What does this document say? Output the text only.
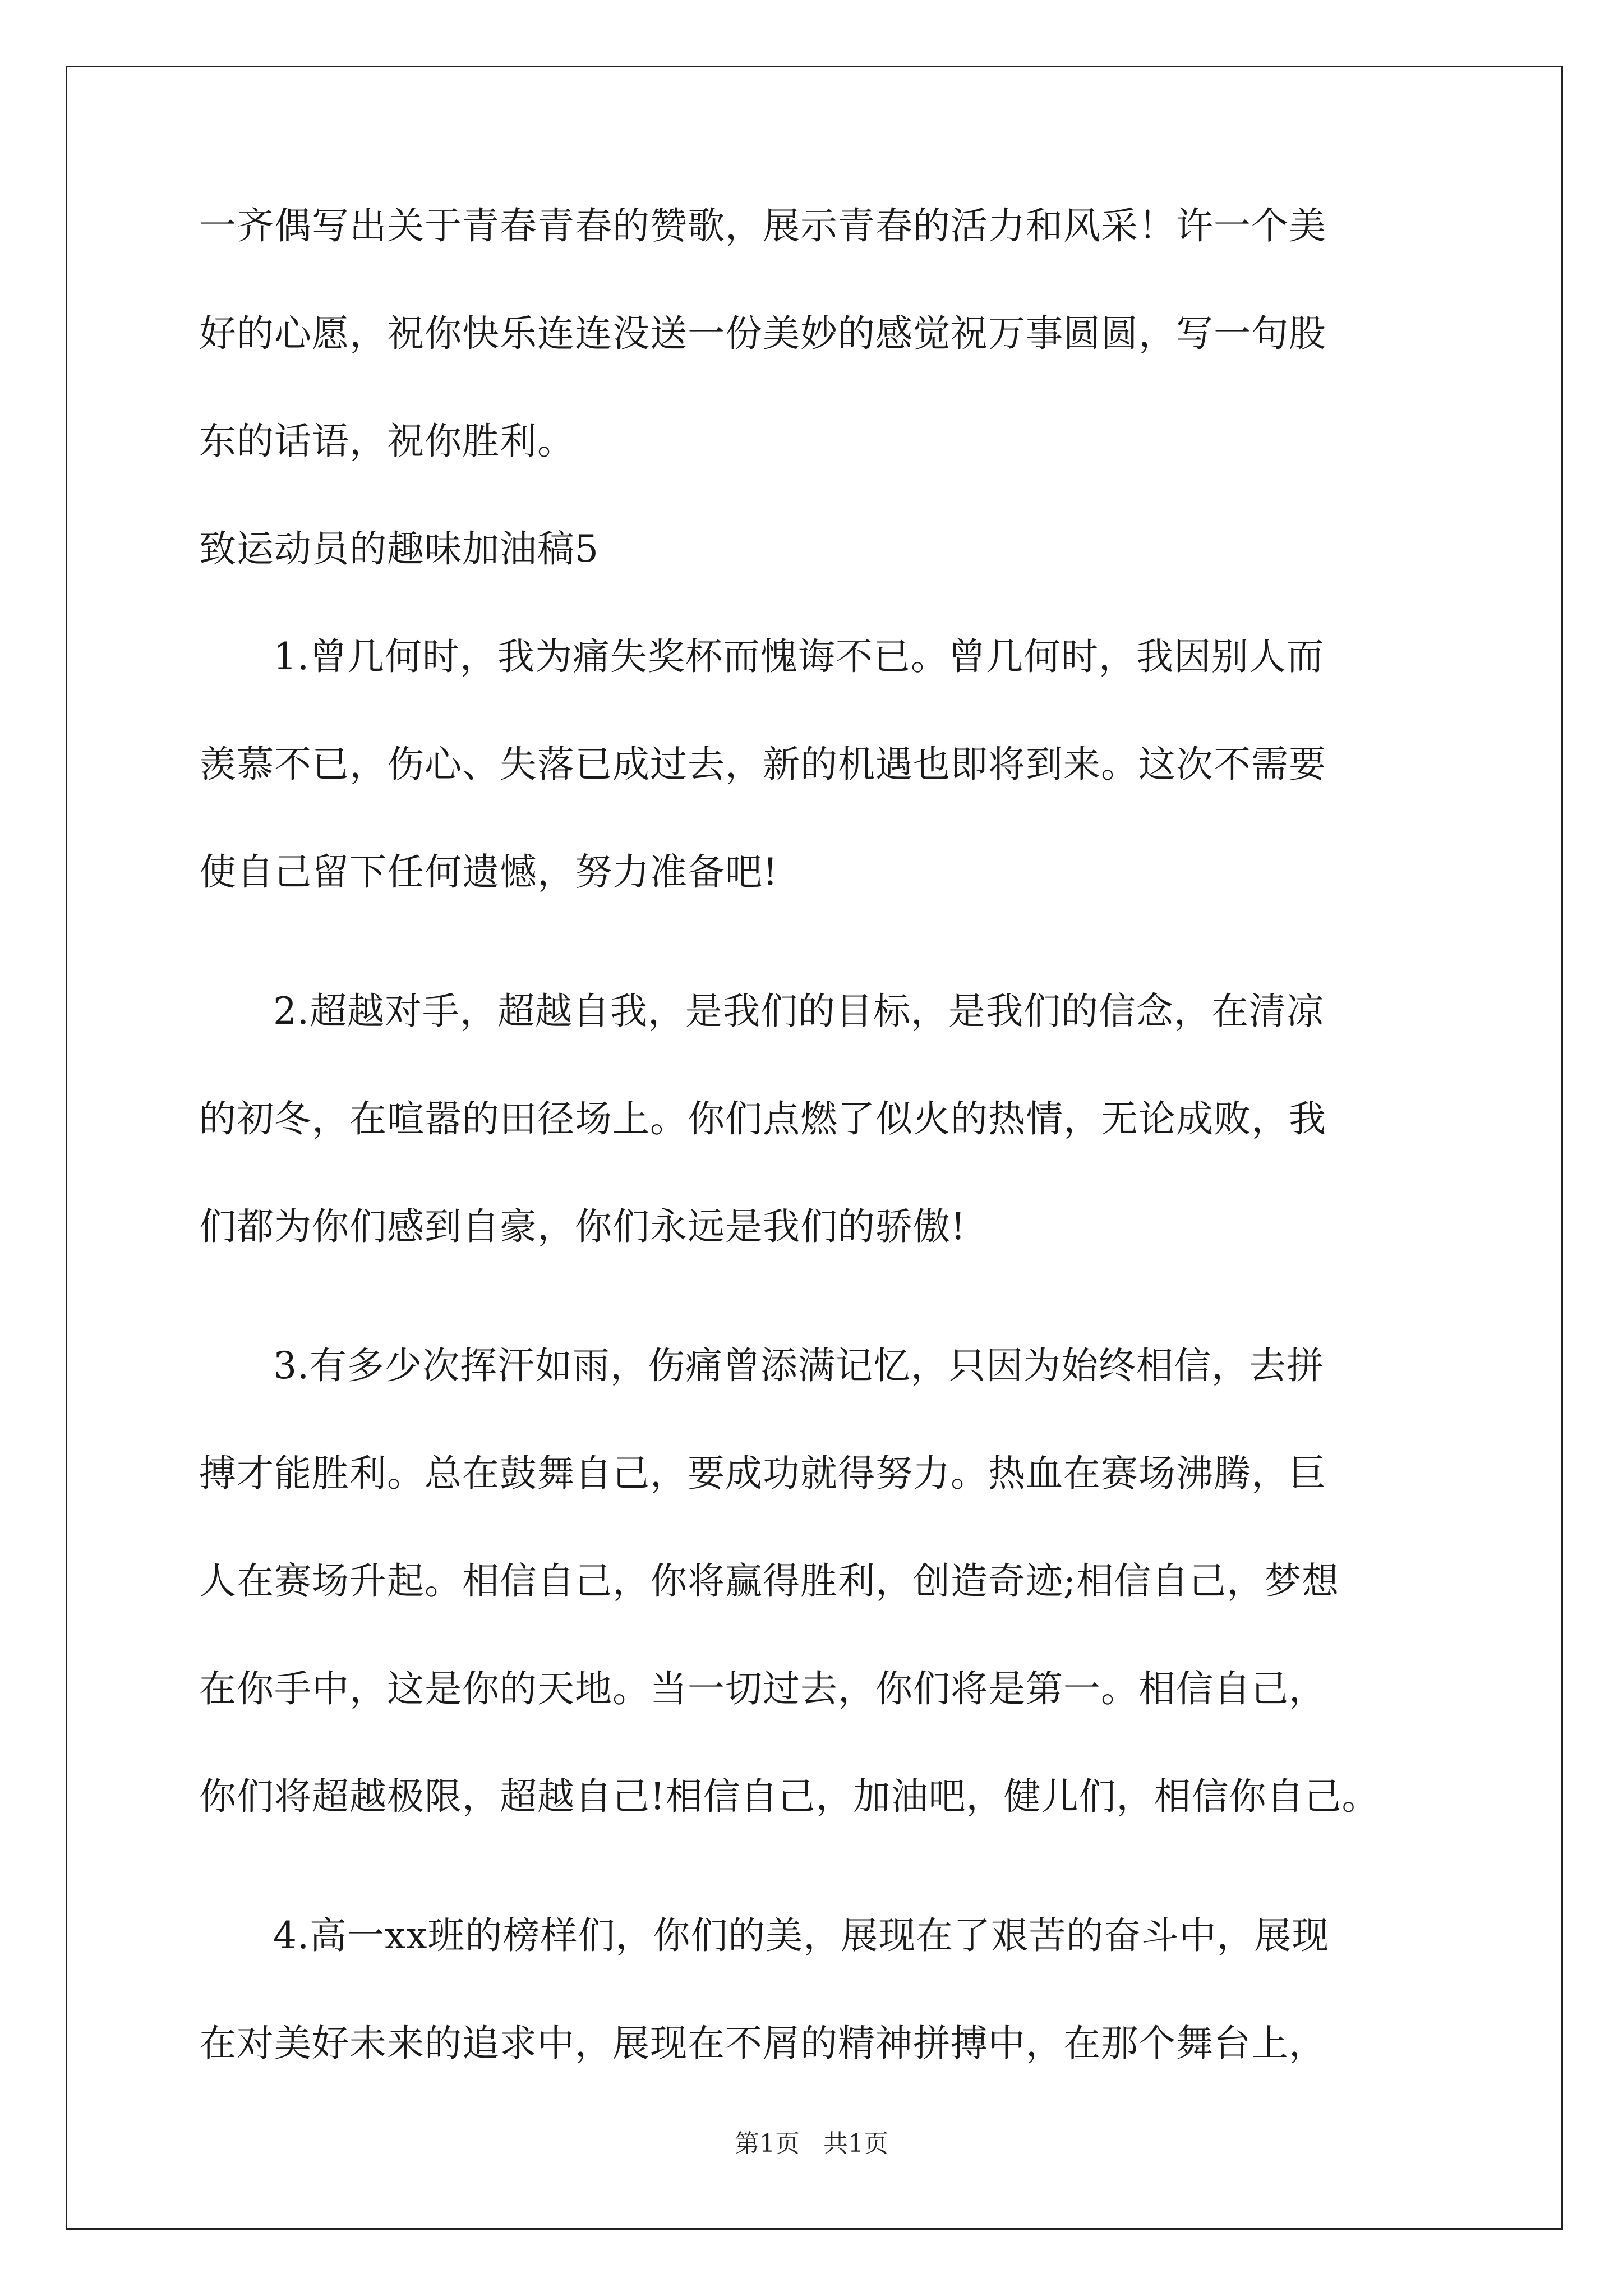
一齐偶写出关于青春青春的赞歌，展示青春的活力和风采！许一个美
好的心愿，祝你快乐连连没送一份美妙的感觉祝万事圆圆，写一句股
东的话语，祝你胜利。
致运动员的趣味加油稿5
1.曾几何时，我为痛失奖杯而愧诲不已。曾几何时，我因别人而
羡慕不已，伤心、失落已成过去，新的机遇也即将到来。这次不需要
使自己留下任何遗憾，努力准备吧!
2.超越对手，超越自我，是我们的目标，是我们的信念，在清凉
的初冬，在喧嚣的田径场上。你们点燃了似火的热情，无论成败，我
们都为你们感到自豪，你们永远是我们的骄傲!
3.有多少次挥汗如雨，伤痛曾添满记忆，只因为始终相信，去拼
搏才能胜利。总在鼓舞自己，要成功就得努力。热血在赛场沸腾，巨
人在赛场升起。相信自己，你将赢得胜利，创造奇迹;相信自己，梦想
在你手中，这是你的天地。当一切过去，你们将是第一。相信自己，
你们将超越极限，超越自己!相信自己，加油吧，健儿们，相信你自己。
4.高一xx班的榜样们，你们的美，展现在了艰苦的奋斗中，展现
在对美好未来的追求中，展现在不屑的精神拼搏中，在那个舞台上，
第1页 共1页
